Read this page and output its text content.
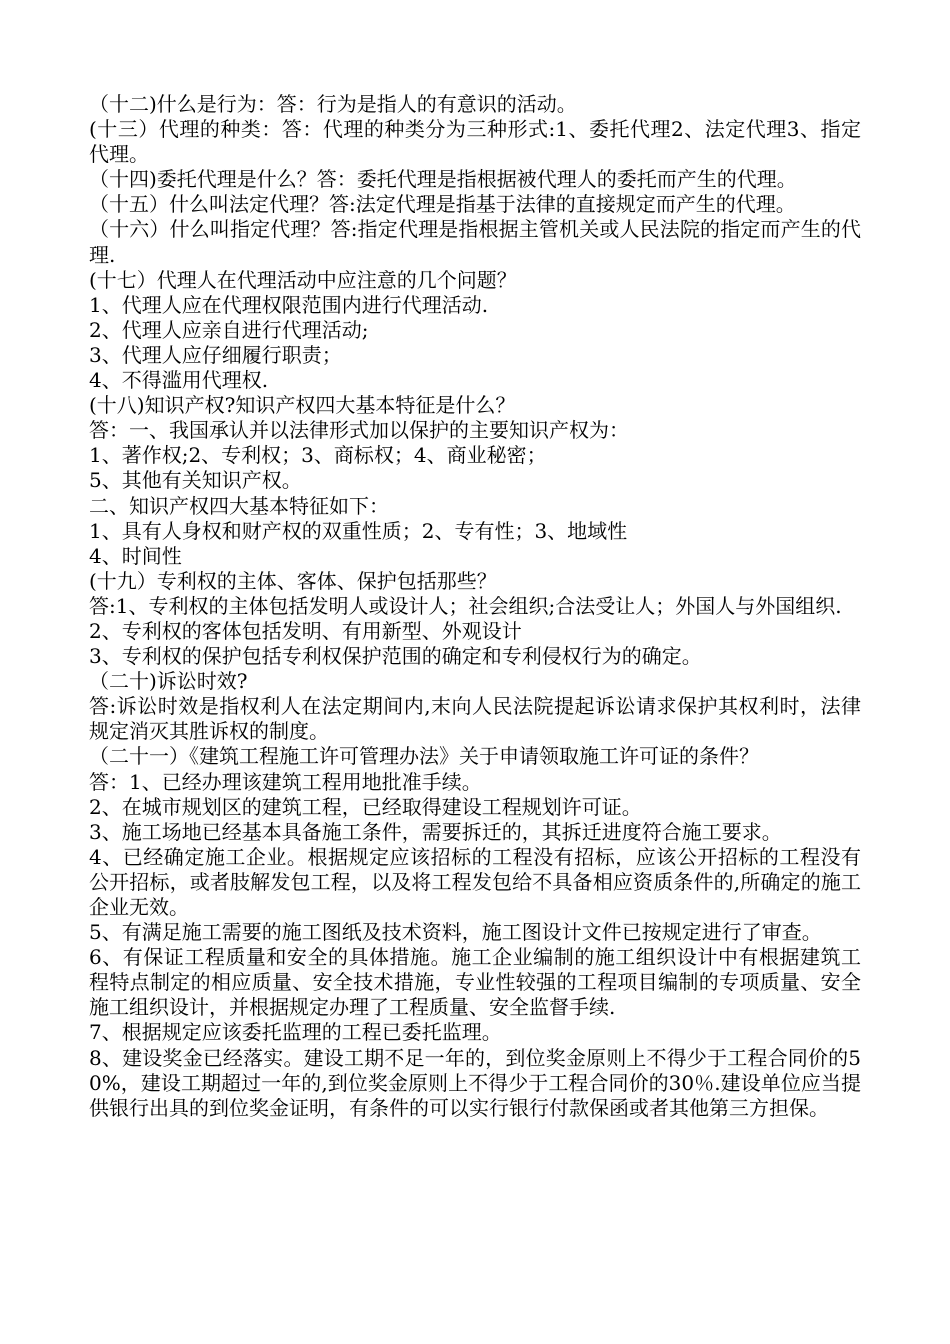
（十二)什么是行为：答：行为是指人的有意识的活动。

(十三）代理的种类：答：代理的种类分为三种形式:1、委托代理2、法定代理3、指定代理。

（十四)委托代理是什么？答：委托代理是指根据被代理人的委托而产生的代理。

（十五）什么叫法定代理？答:法定代理是指基于法律的直接规定而产生的代理。

（十六）什么叫指定代理？答:指定代理是指根据主管机关或人民法院的指定而产生的代理.

(十七）代理人在代理活动中应注意的几个问题？

1、代理人应在代理权限范围内进行代理活动.

2、代理人应亲自进行代理活动;

3、代理人应仔细履行职责；

4、不得滥用代理权.

(十八)知识产权?知识产权四大基本特征是什么？

答：一、我国承认并以法律形式加以保护的主要知识产权为：

1、著作权;2、专利权；3、商标权；4、商业秘密；

5、其他有关知识产权。

二、知识产权四大基本特征如下：

1、具有人身权和财产权的双重性质；2、专有性；3、地域性

4、时间性

(十九）专利权的主体、客体、保护包括那些？

答:1、专利权的主体包括发明人或设计人；社会组织;合法受让人；外国人与外国组织.

2、专利权的客体包括发明、有用新型、外观设计

3、专利权的保护包括专利权保护范围的确定和专利侵权行为的确定。

（二十)诉讼时效?

答:诉讼时效是指权利人在法定期间内,末向人民法院提起诉讼请求保护其权利时，法律规定消灭其胜诉权的制度。

（二十一）《建筑工程施工许可管理办法》关于申请领取施工许可证的条件？

答：1、已经办理该建筑工程用地批准手续。

2、在城市规划区的建筑工程，已经取得建设工程规划许可证。

3、施工场地已经基本具备施工条件，需要拆迁的，其拆迁进度符合施工要求。

4、已经确定施工企业。根据规定应该招标的工程没有招标，应该公开招标的工程没有公开招标，或者肢解发包工程，以及将工程发包给不具备相应资质条件的,所确定的施工企业无效。

5、有满足施工需要的施工图纸及技术资料，施工图设计文件已按规定进行了审查。

6、有保证工程质量和安全的具体措施。施工企业编制的施工组织设计中有根据建筑工程特点制定的相应质量、安全技术措施，专业性较强的工程项目编制的专项质量、安全施工组织设计，并根据规定办理了工程质量、安全监督手续.

7、根据规定应该委托监理的工程已委托监理。

8、建设奖金已经落实。建设工期不足一年的，到位奖金原则上不得少于工程合同价的50%，建设工期超过一年的,到位奖金原则上不得少于工程合同价的30％.建设单位应当提供银行出具的到位奖金证明，有条件的可以实行银行付款保函或者其他第三方担保。
